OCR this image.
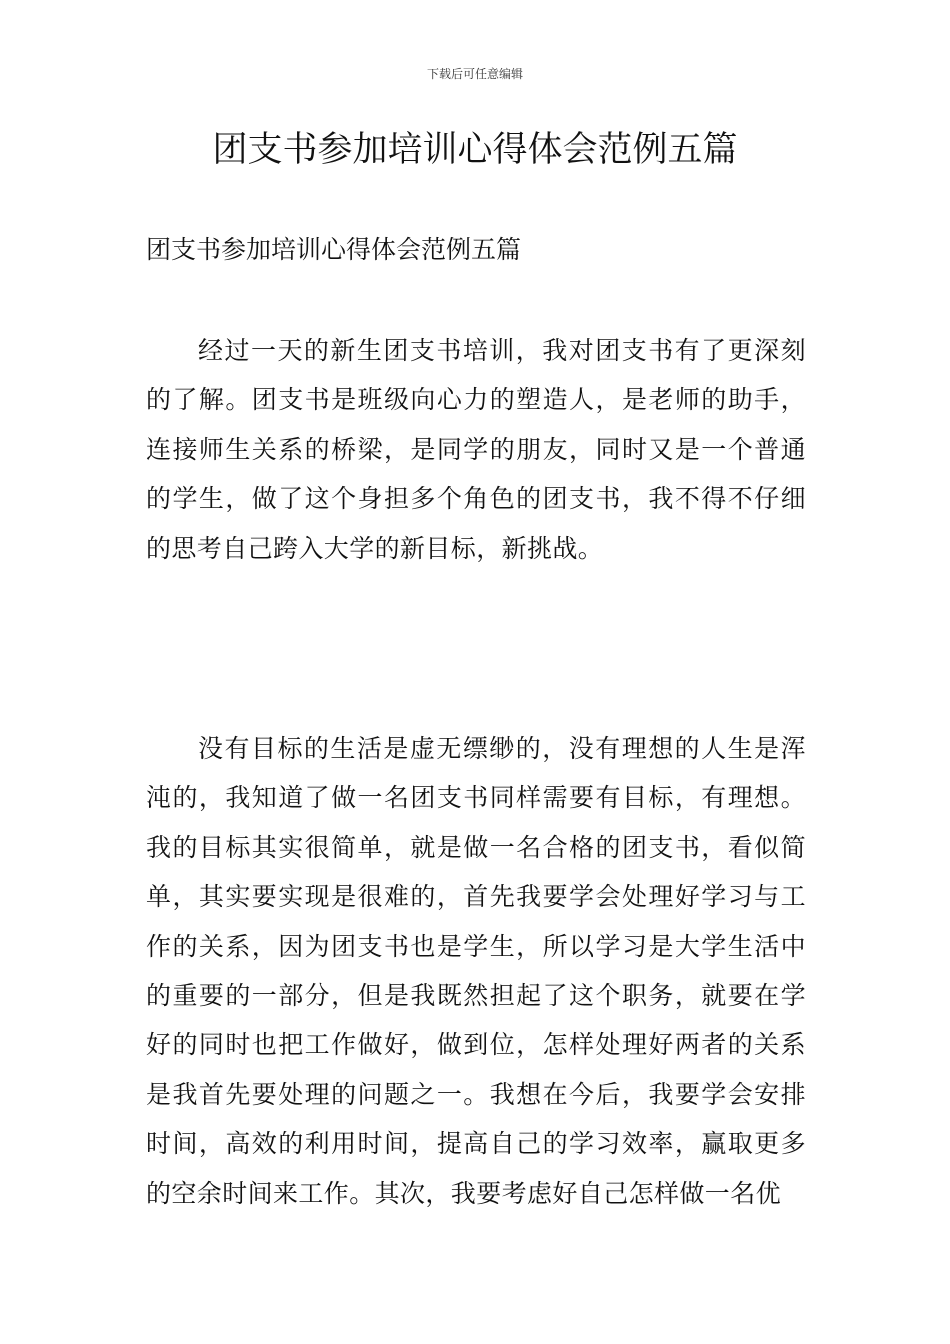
下载后可任意编辑
团支书参加培训心得体会范例五篇

团支书参加培训心得体会范例五篇

经过一天的新生团支书培训，我对团支书有了更深刻的了解。团支书是班级向心力的塑造人，是老师的助手，连接师生关系的桥梁，是同学的朋友，同时又是一个普通的学生，做了这个身担多个角色的团支书，我不得不仔细的思考自己跨入大学的新目标，新挑战。

没有目标的生活是虚无缥缈的，没有理想的人生是浑沌的，我知道了做一名团支书同样需要有目标，有理想。我的目标其实很简单，就是做一名合格的团支书，看似简单，其实要实现是很难的，首先我要学会处理好学习与工作的关系，因为团支书也是学生，所以学习是大学生活中的重要的一部分，但是我既然担起了这个职务，就要在学好的同时也把工作做好，做到位，怎样处理好两者的关系是我首先要处理的问题之一。我想在今后，我要学会安排时间，高效的利用时间，提高自己的学习效率，赢取更多的空余时间来工作。其次，我要考虑好自己怎样做一名优
